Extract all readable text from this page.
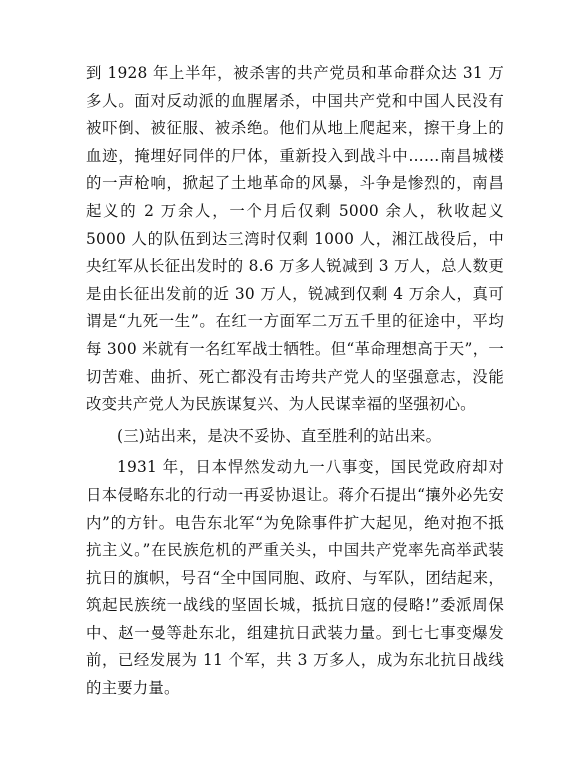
到 1928 年上半年，被杀害的共产党员和革命群众达 31 万多人。面对反动派的血腥屠杀，中国共产党和中国人民没有被吓倒、被征服、被杀绝。他们从地上爬起来，擦干身上的血迹，掩埋好同伴的尸体，重新投入到战斗中……南昌城楼的一声枪响，掀起了土地革命的风暴，斗争是惨烈的，南昌起义的 2 万余人，一个月后仅剩 5000 余人，秋收起义 5000 人的队伍到达三湾时仅剩 1000 人，湘江战役后，中央红军从长征出发时的 8.6 万多人锐减到 3 万人，总人数更是由长征出发前的近 30 万人，锐减到仅剩 4 万余人，真可谓是“九死一生”。在红一方面军二万五千里的征途中，平均每 300 米就有一名红军战士牺牲。但“革命理想高于天”，一切苦难、曲折、死亡都没有击垮共产党人的坚强意志，没能改变共产党人为民族谋复兴、为人民谋幸福的坚强初心。

(三)站出来，是决不妥协、直至胜利的站出来。

1931 年，日本悍然发动九一八事变，国民党政府却对日本侵略东北的行动一再妥协退让。蒋介石提出“攘外必先安内”的方针。电告东北军“为免除事件扩大起见，绝对抱不抵抗主义。”在民族危机的严重关头，中国共产党率先高举武装抗日的旗帜，号召“全中国同胞、政府、与军队，团结起来，筑起民族统一战线的坚固长城，抵抗日寇的侵略!”委派周保中、赵一曼等赴东北，组建抗日武装力量。到七七事变爆发前，已经发展为 11 个军，共 3 万多人，成为东北抗日战线的主要力量。
